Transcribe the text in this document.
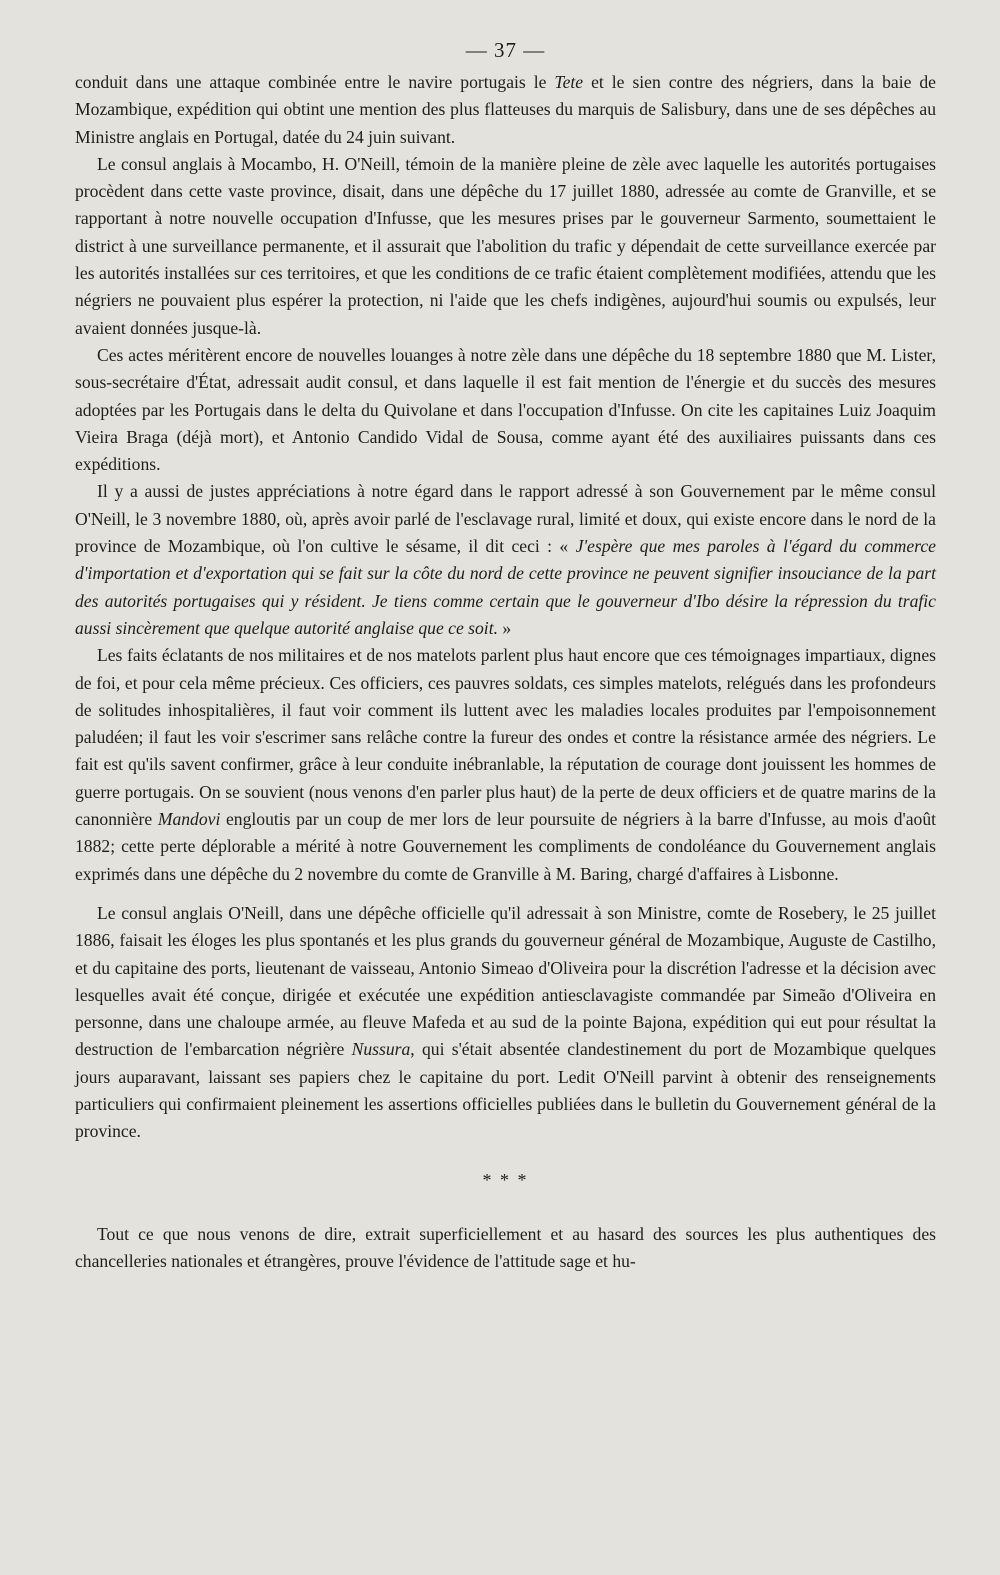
— 37 —

conduit dans une attaque combinée entre le navire portugais le Tete et le sien contre des négriers, dans la baie de Mozambique, expédition qui obtint une mention des plus flatteuses du marquis de Salisbury, dans une de ses dépêches au Ministre anglais en Portugal, datée du 24 juin suivant.

Le consul anglais à Mocambo, H. O'Neill, témoin de la manière pleine de zèle avec laquelle les autorités portugaises procèdent dans cette vaste province, disait, dans une dépêche du 17 juillet 1880, adressée au comte de Granville, et se rapportant à notre nouvelle occupation d'Infusse, que les mesures prises par le gouverneur Sarmento, soumettaient le district à une surveillance permanente, et il assurait que l'abolition du trafic y dépendait de cette surveillance exercée par les autorités installées sur ces territoires, et que les conditions de ce trafic étaient complètement modifiées, attendu que les négriers ne pouvaient plus espérer la protection, ni l'aide que les chefs indigènes, aujourd'hui soumis ou expulsés, leur avaient données jusque-là.

Ces actes méritèrent encore de nouvelles louanges à notre zèle dans une dépêche du 18 septembre 1880 que M. Lister, sous-secrétaire d'État, adressait audit consul, et dans laquelle il est fait mention de l'énergie et du succès des mesures adoptées par les Portugais dans le delta du Quivolane et dans l'occupation d'Infusse. On cite les capitaines Luiz Joaquim Vieira Braga (déjà mort), et Antonio Candido Vidal de Sousa, comme ayant été des auxiliaires puissants dans ces expéditions.

Il y a aussi de justes appréciations à notre égard dans le rapport adressé à son Gouvernement par le même consul O'Neill, le 3 novembre 1880, où, après avoir parlé de l'esclavage rural, limité et doux, qui existe encore dans le nord de la province de Mozambique, où l'on cultive le sésame, il dit ceci : « J'espère que mes paroles à l'égard du commerce d'importation et d'exportation qui se fait sur la côte du nord de cette province ne peuvent signifier insouciance de la part des autorités portugaises qui y résident. Je tiens comme certain que le gouverneur d'Ibo désire la répression du trafic aussi sincèrement que quelque autorité anglaise que ce soit. »

Les faits éclatants de nos militaires et de nos matelots parlent plus haut encore que ces témoignages impartiaux, dignes de foi, et pour cela même précieux. Ces officiers, ces pauvres soldats, ces simples matelots, relégués dans les profondeurs de solitudes inhospitalières, il faut voir comment ils luttent avec les maladies locales produites par l'empoisonnement paludéen; il faut les voir s'escrimer sans relâche contre la fureur des ondes et contre la résistance armée des négriers. Le fait est qu'ils savent confirmer, grâce à leur conduite inébranlable, la réputation de courage dont jouissent les hommes de guerre portugais. On se souvient (nous venons d'en parler plus haut) de la perte de deux officiers et de quatre marins de la canonnière Mandovi engloutis par un coup de mer lors de leur poursuite de négriers à la barre d'Infusse, au mois d'août 1882; cette perte déplorable a mérité à notre Gouvernement les compliments de condoléance du Gouvernement anglais exprimés dans une dépêche du 2 novembre du comte de Granville à M. Baring, chargé d'affaires à Lisbonne.

Le consul anglais O'Neill, dans une dépêche officielle qu'il adressait à son Ministre, comte de Rosebery, le 25 juillet 1886, faisait les éloges les plus spontanés et les plus grands du gouverneur général de Mozambique, Auguste de Castilho, et du capitaine des ports, lieutenant de vaisseau, Antonio Simeao d'Oliveira pour la discrétion l'adresse et la décision avec lesquelles avait été conçue, dirigée et exécutée une expédition antiesclavagiste commandée par Simeão d'Oliveira en personne, dans une chaloupe armée, au fleuve Mafeda et au sud de la pointe Bajona, expédition qui eut pour résultat la destruction de l'embarcation négrière Nussura, qui s'était absentée clandestinement du port de Mozambique quelques jours auparavant, laissant ses papiers chez le capitaine du port. Ledit O'Neill parvint à obtenir des renseignements particuliers qui confirmaient pleinement les assertions officielles publiées dans le bulletin du Gouvernement général de la province.

* * *

Tout ce que nous venons de dire, extrait superficiellement et au hasard des sources les plus authentiques des chancelleries nationales et étrangères, prouve l'évidence de l'attitude sage et hu-
